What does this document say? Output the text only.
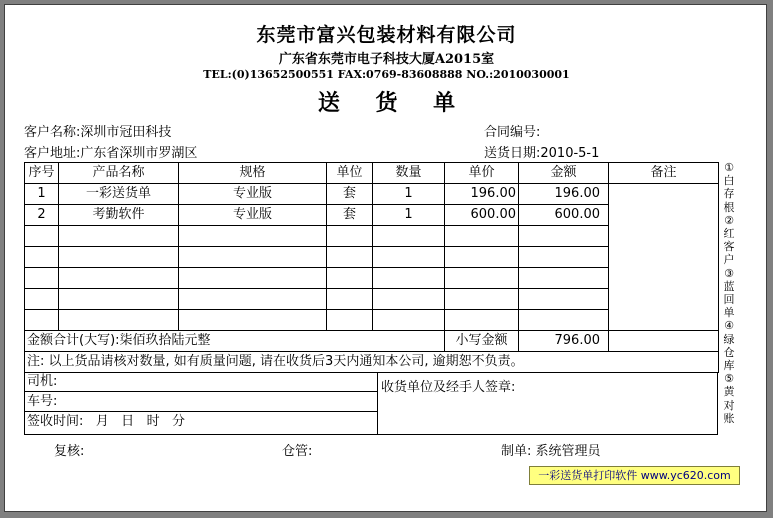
东莞市富兴包装材料有限公司
广东省东莞市电子科技大厦A2015室
TEL:(0)13652500551 FAX:0769-83608888 NO.:2010030001
送 货 单
客户名称:深圳市冠田科技	合同编号:
客户地址:广东省深圳市罗湖区	送货日期:2010-5-1
序号	产品名称	规格	单位	数量	单价	金额	备注
1	一彩送货单	专业版	套	1	196.00	196.00	
2	考勤软件	专业版	套	1	600.00	600.00	

金额合计(大写):柒佰玖拾陆元整					小写金额	796.00	
注: 以上货品请核对数量, 如有质量问题, 请在收货后3天内通知本公司, 逾期恕不负责。							
司机:
车号:
签收时间:   月   日   时   分
收货单位及经手人签章:
①白存根②红客户③蓝回单④绿仓库⑤黄对账
复核:	仓管:	制单: 系统管理员
一彩送货单打印软件 www.yc620.com
